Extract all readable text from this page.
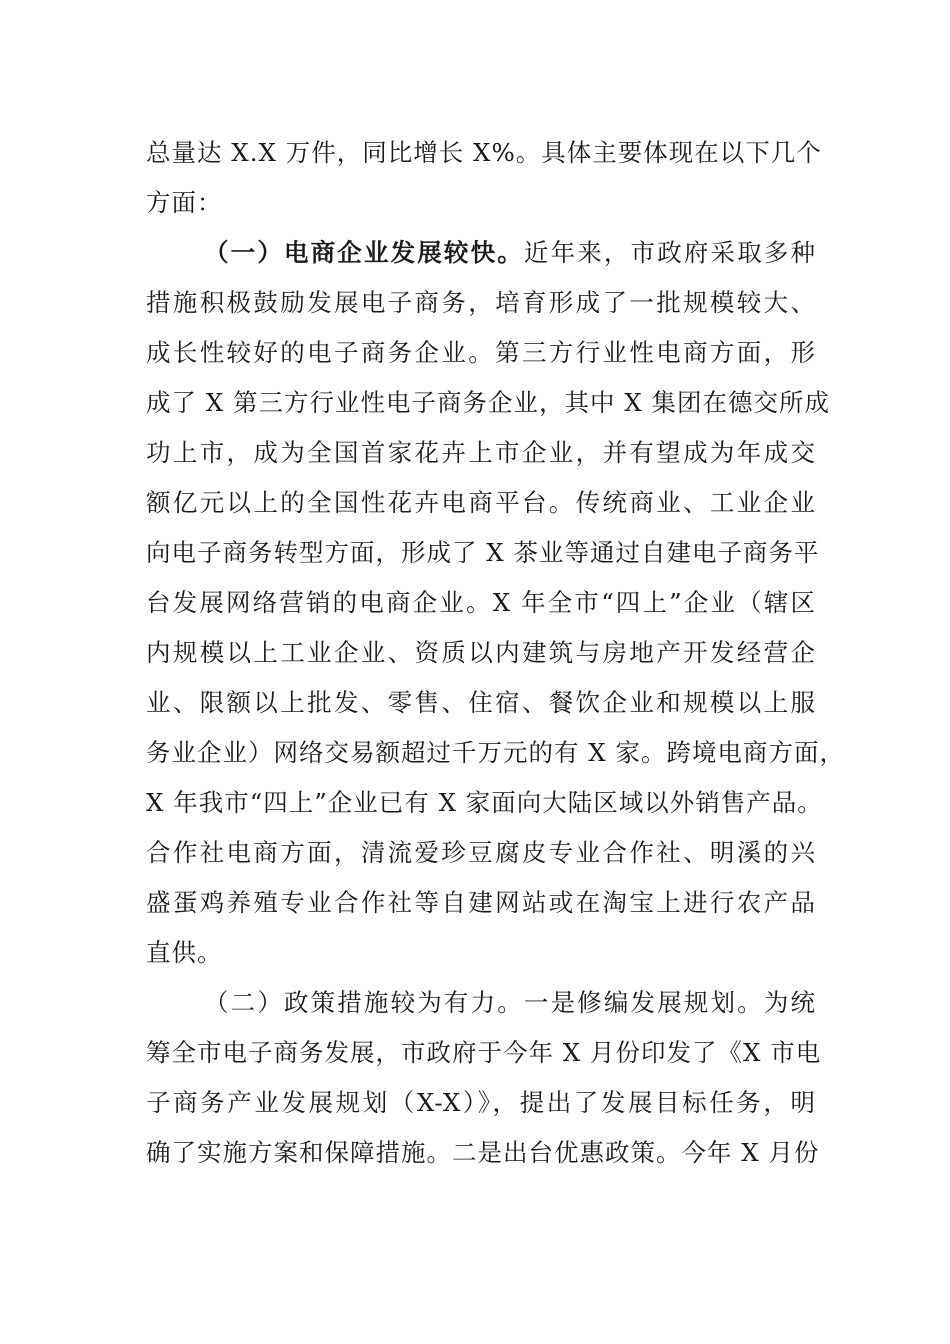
总量达 X.X 万件，同比增长 X%。具体主要体现在以下几个
方面：
（一）电商企业发展较快。近年来，市政府采取多种
措施积极鼓励发展电子商务，培育形成了一批规模较大、
成长性较好的电子商务企业。第三方行业性电商方面，形
成了 X 第三方行业性电子商务企业，其中 X 集团在德交所成
功上市，成为全国首家花卉上市企业，并有望成为年成交
额亿元以上的全国性花卉电商平台。传统商业、工业企业
向电子商务转型方面，形成了 X 茶业等通过自建电子商务平
台发展网络营销的电商企业。X 年全市“四上”企业（辖区
内规模以上工业企业、资质以内建筑与房地产开发经营企
业、限额以上批发、零售、住宿、餐饮企业和规模以上服
务业企业）网络交易额超过千万元的有 X 家。跨境电商方面，
X 年我市“四上”企业已有 X 家面向大陆区域以外销售产品。
合作社电商方面，清流爱珍豆腐皮专业合作社、明溪的兴
盛蛋鸡养殖专业合作社等自建网站或在淘宝上进行农产品
直供。
（二）政策措施较为有力。一是修编发展规划。为统
筹全市电子商务发展，市政府于今年 X 月份印发了《X 市电
子商务产业发展规划（X-X）》，提出了发展目标任务，明
确了实施方案和保障措施。二是出台优惠政策。今年 X 月份
